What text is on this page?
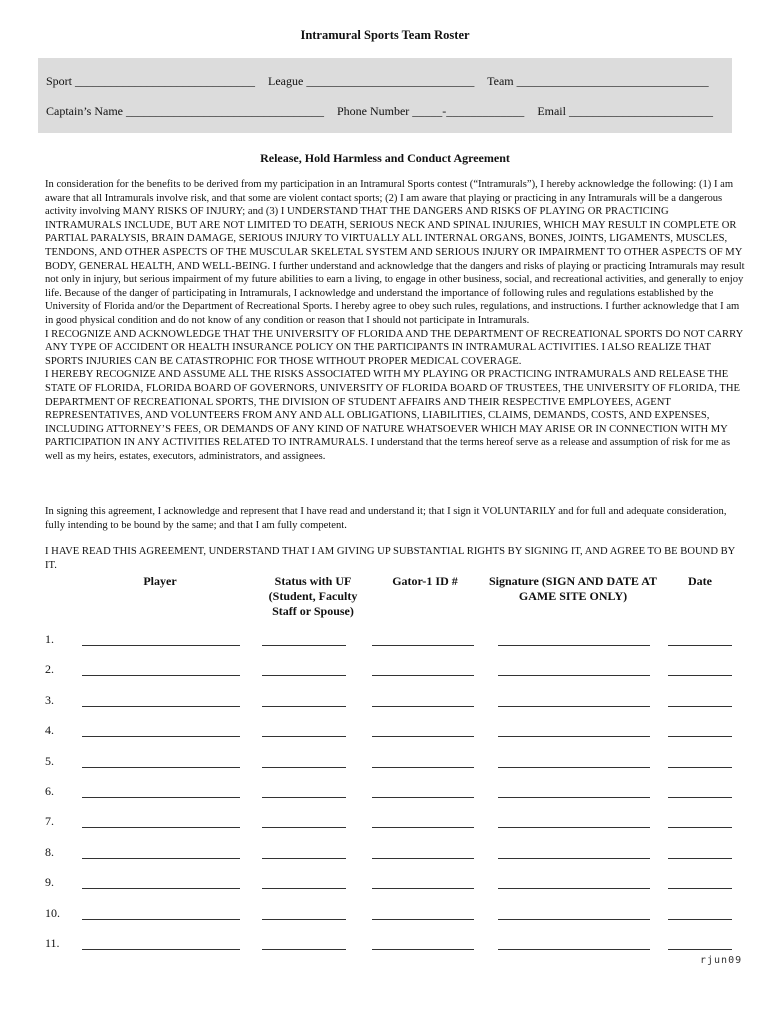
Intramural Sports Team Roster
Sport ______________________________ League ____________________________ Team ________________________________
Captain’s Name _________________________________ Phone Number _____-_____________ Email ________________________
Release, Hold Harmless and Conduct Agreement
In consideration for the benefits to be derived from my participation in an Intramural Sports contest (“Intramurals”), I hereby acknowledge the following: (1) I am aware that all Intramurals involve risk, and that some are violent contact sports; (2) I am aware that playing or practicing in any Intramurals will be a dangerous activity involving MANY RISKS OF INJURY; and (3) I UNDERSTAND THAT THE DANGERS AND RISKS OF PLAYING OR PRACTICING INTRAMURALS INCLUDE, BUT ARE NOT LIMITED TO DEATH, SERIOUS NECK AND SPINAL INJURIES, WHICH MAY RESULT IN COMPLETE OR PARTIAL PARALYSIS, BRAIN DAMAGE, SERIOUS INJURY TO VIRTUALLY ALL INTERNAL ORGANS, BONES, JOINTS, LIGAMENTS, MUSCLES, TENDONS, AND OTHER ASPECTS OF THE MUSCULAR SKELETAL SYSTEM AND SERIOUS INJURY OR IMPAIRMENT TO OTHER ASPECTS OF MY BODY, GENERAL HEALTH, AND WELL-BEING. I further understand and acknowledge that the dangers and risks of playing or practicing Intramurals may result not only in injury, but serious impairment of my future abilities to earn a living, to engage in other business, social, and recreational activities, and generally to enjoy life. Because of the danger of participating in Intramurals, I acknowledge and understand the importance of following rules and regulations established by the University of Florida and/or the Department of Recreational Sports. I hereby agree to obey such rules, regulations, and instructions. I further acknowledge that I am in good physical condition and do not know of any condition or reason that I should not participate in Intramurals.
I RECOGNIZE AND ACKNOWLEDGE THAT THE UNIVERSITY OF FLORIDA AND THE DEPARTMENT OF RECREATIONAL SPORTS DO NOT CARRY ANY TYPE OF ACCIDENT OR HEALTH INSURANCE POLICY ON THE PARTICIPANTS IN INTRAMURAL ACTIVITIES. I ALSO REALIZE THAT SPORTS INJURIES CAN BE CATASTROPHIC FOR THOSE WITHOUT PROPER MEDICAL COVERAGE.
I HEREBY RECOGNIZE AND ASSUME ALL THE RISKS ASSOCIATED WITH MY PLAYING OR PRACTICING INTRAMURALS AND RELEASE THE STATE OF FLORIDA, FLORIDA BOARD OF GOVERNORS, UNIVERSITY OF FLORIDA BOARD OF TRUSTEES, THE UNIVERSITY OF FLORIDA, THE DEPARTMENT OF RECREATIONAL SPORTS, THE DIVISION OF STUDENT AFFAIRS AND THEIR RESPECTIVE EMPLOYEES, AGENT REPRESENTATIVES, AND VOLUNTEERS FROM ANY AND ALL OBLIGATIONS, LIABILITIES, CLAIMS, DEMANDS, COSTS, AND EXPENSES, INCLUDING ATTORNEY’S FEES, OR DEMANDS OF ANY KIND OF NATURE WHATSOEVER WHICH MAY ARISE OR IN CONNECTION WITH MY PARTICIPATION IN ANY ACTIVITIES RELATED TO INTRAMURALS. I understand that the terms hereof serve as a release and assumption of risk for me as well as my heirs, estates, executors, administrators, and assignees.
In signing this agreement, I acknowledge and represent that I have read and understand it; that I sign it VOLUNTARILY and for full and adequate consideration, fully intending to be bound by the same; and that I am fully competent.
I HAVE READ THIS AGREEMENT, UNDERSTAND THAT I AM GIVING UP SUBSTANTIAL RIGHTS BY SIGNING IT, AND AGREE TO BE BOUND BY IT.
Player	Status with UF (Student, Faculty Staff or Spouse)
Gator-1 ID #	Signature (SIGN AND DATE AT GAME SITE ONLY)
Date
1.
2.
3.
4.
5.
6.
7.
8.
9.
10.
11.
rjun09
